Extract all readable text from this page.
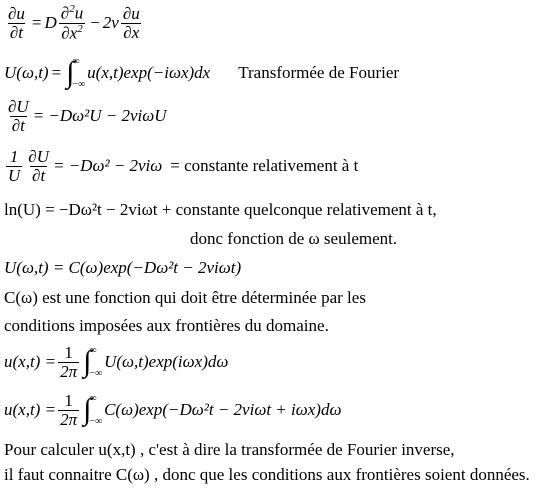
$\frac{\partial u}{\partial t} = D \frac{\partial^2u}{\partial x^2} - 2v \frac{\partial u}{\partial x}$
U(ω,t) = ∫
∞
−∞
u(x,t)exp(−iωx)dx Transformée de Fourier
$\frac{\partial U}{\partial t} = -D\omega^2U - 2vi\omega U$
$\frac{1}{U} \frac{\partial U}{\partial t} = -D\omega^2 - 2vi\omega$ = constante relativement à t
ln(U) = −Dω²t − 2viωt + constante quelconque relativement à t,
donc fonction de ω seulement.
U(ω,t) = C(ω)exp(−Dω²t − 2viωt)
C(ω) est une fonction qui doit être déterminée par les
conditions imposées aux frontières du domaine.
$u(x,t) = \frac{1}{2\pi}$ ∫
∞
−∞
U(ω,t)exp(iωx)dω
$u(x,t) = \frac{1}{2\pi}$ ∫
∞
−∞
C(ω)exp(−Dω²t − 2viωt + iωx)dω
Pour calculer u(x,t) , c'est à dire la transformée de Fourier inverse,
il faut connaitre C(ω) , donc que les conditions aux frontières soient données.
